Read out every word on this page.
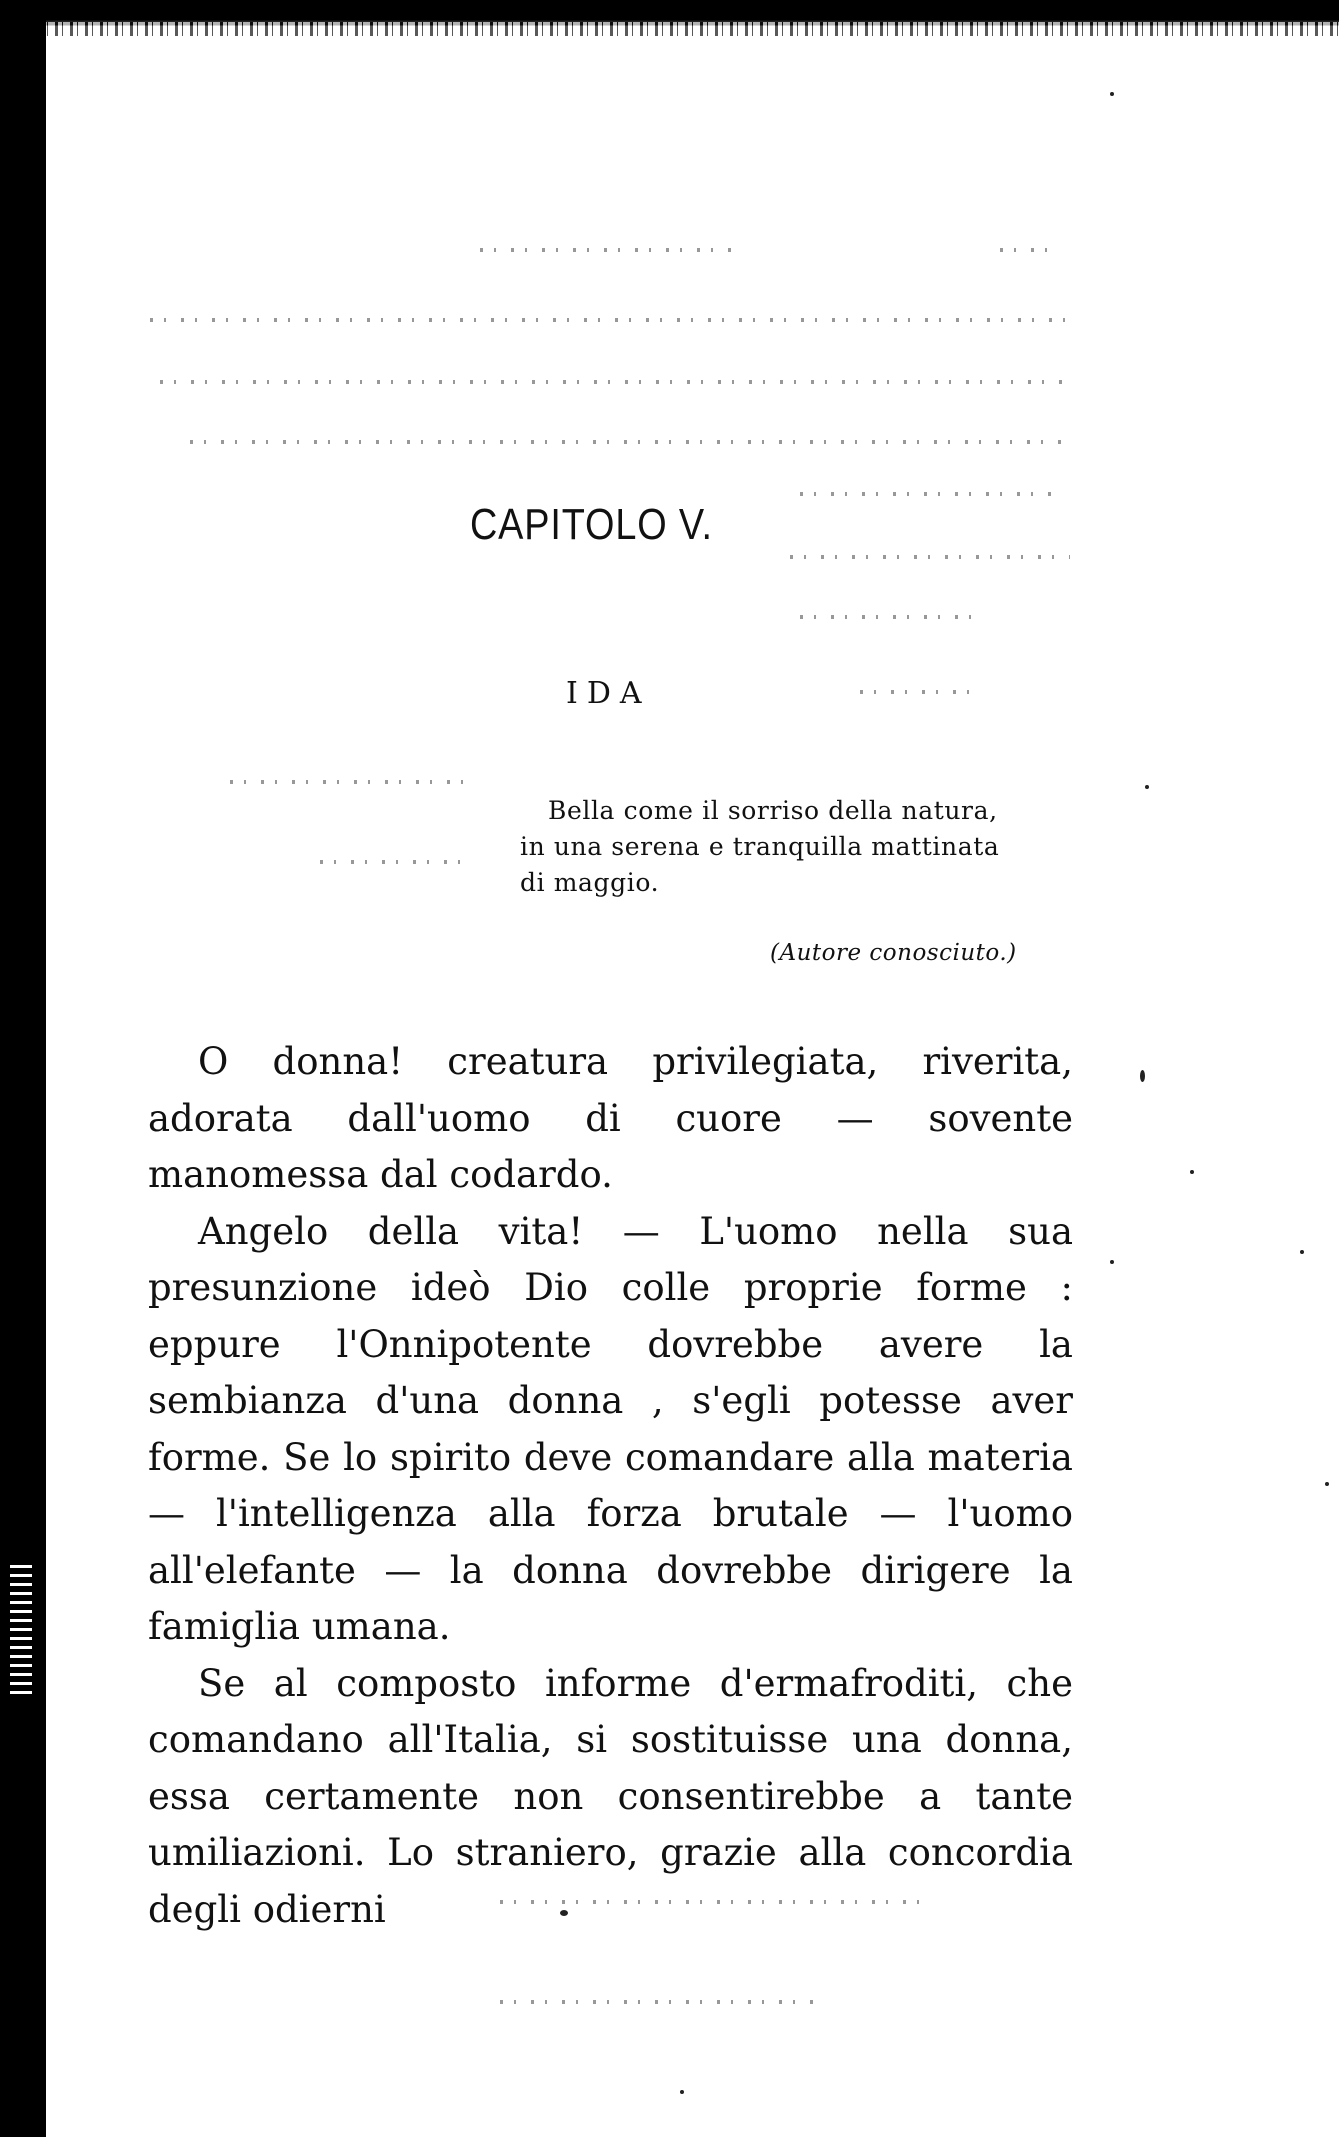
CAPITOLO V.
IDA
Bella come il sorriso della natura,
in una serena e tranquilla mattinata
di maggio.
(Autore conosciuto.)

O donna! creatura privilegiata, riverita, adorata dall'uomo di cuore — sovente manomessa dal codardo.

Angelo della vita! — L'uomo nella sua presunzione ideò Dio colle proprie forme : eppure l'Onnipotente dovrebbe avere la sembianza d'una donna , s'egli potesse aver forme. Se lo spirito deve comandare alla materia — l'intelligenza alla forza brutale — l'uomo all'elefante — la donna dovrebbe dirigere la famiglia umana.

Se al composto informe d'ermafroditi, che comandano all'Italia, si sostituisse una donna, essa certamente non consentirebbe a tante umiliazioni. Lo straniero, grazie alla concordia degli odierni
